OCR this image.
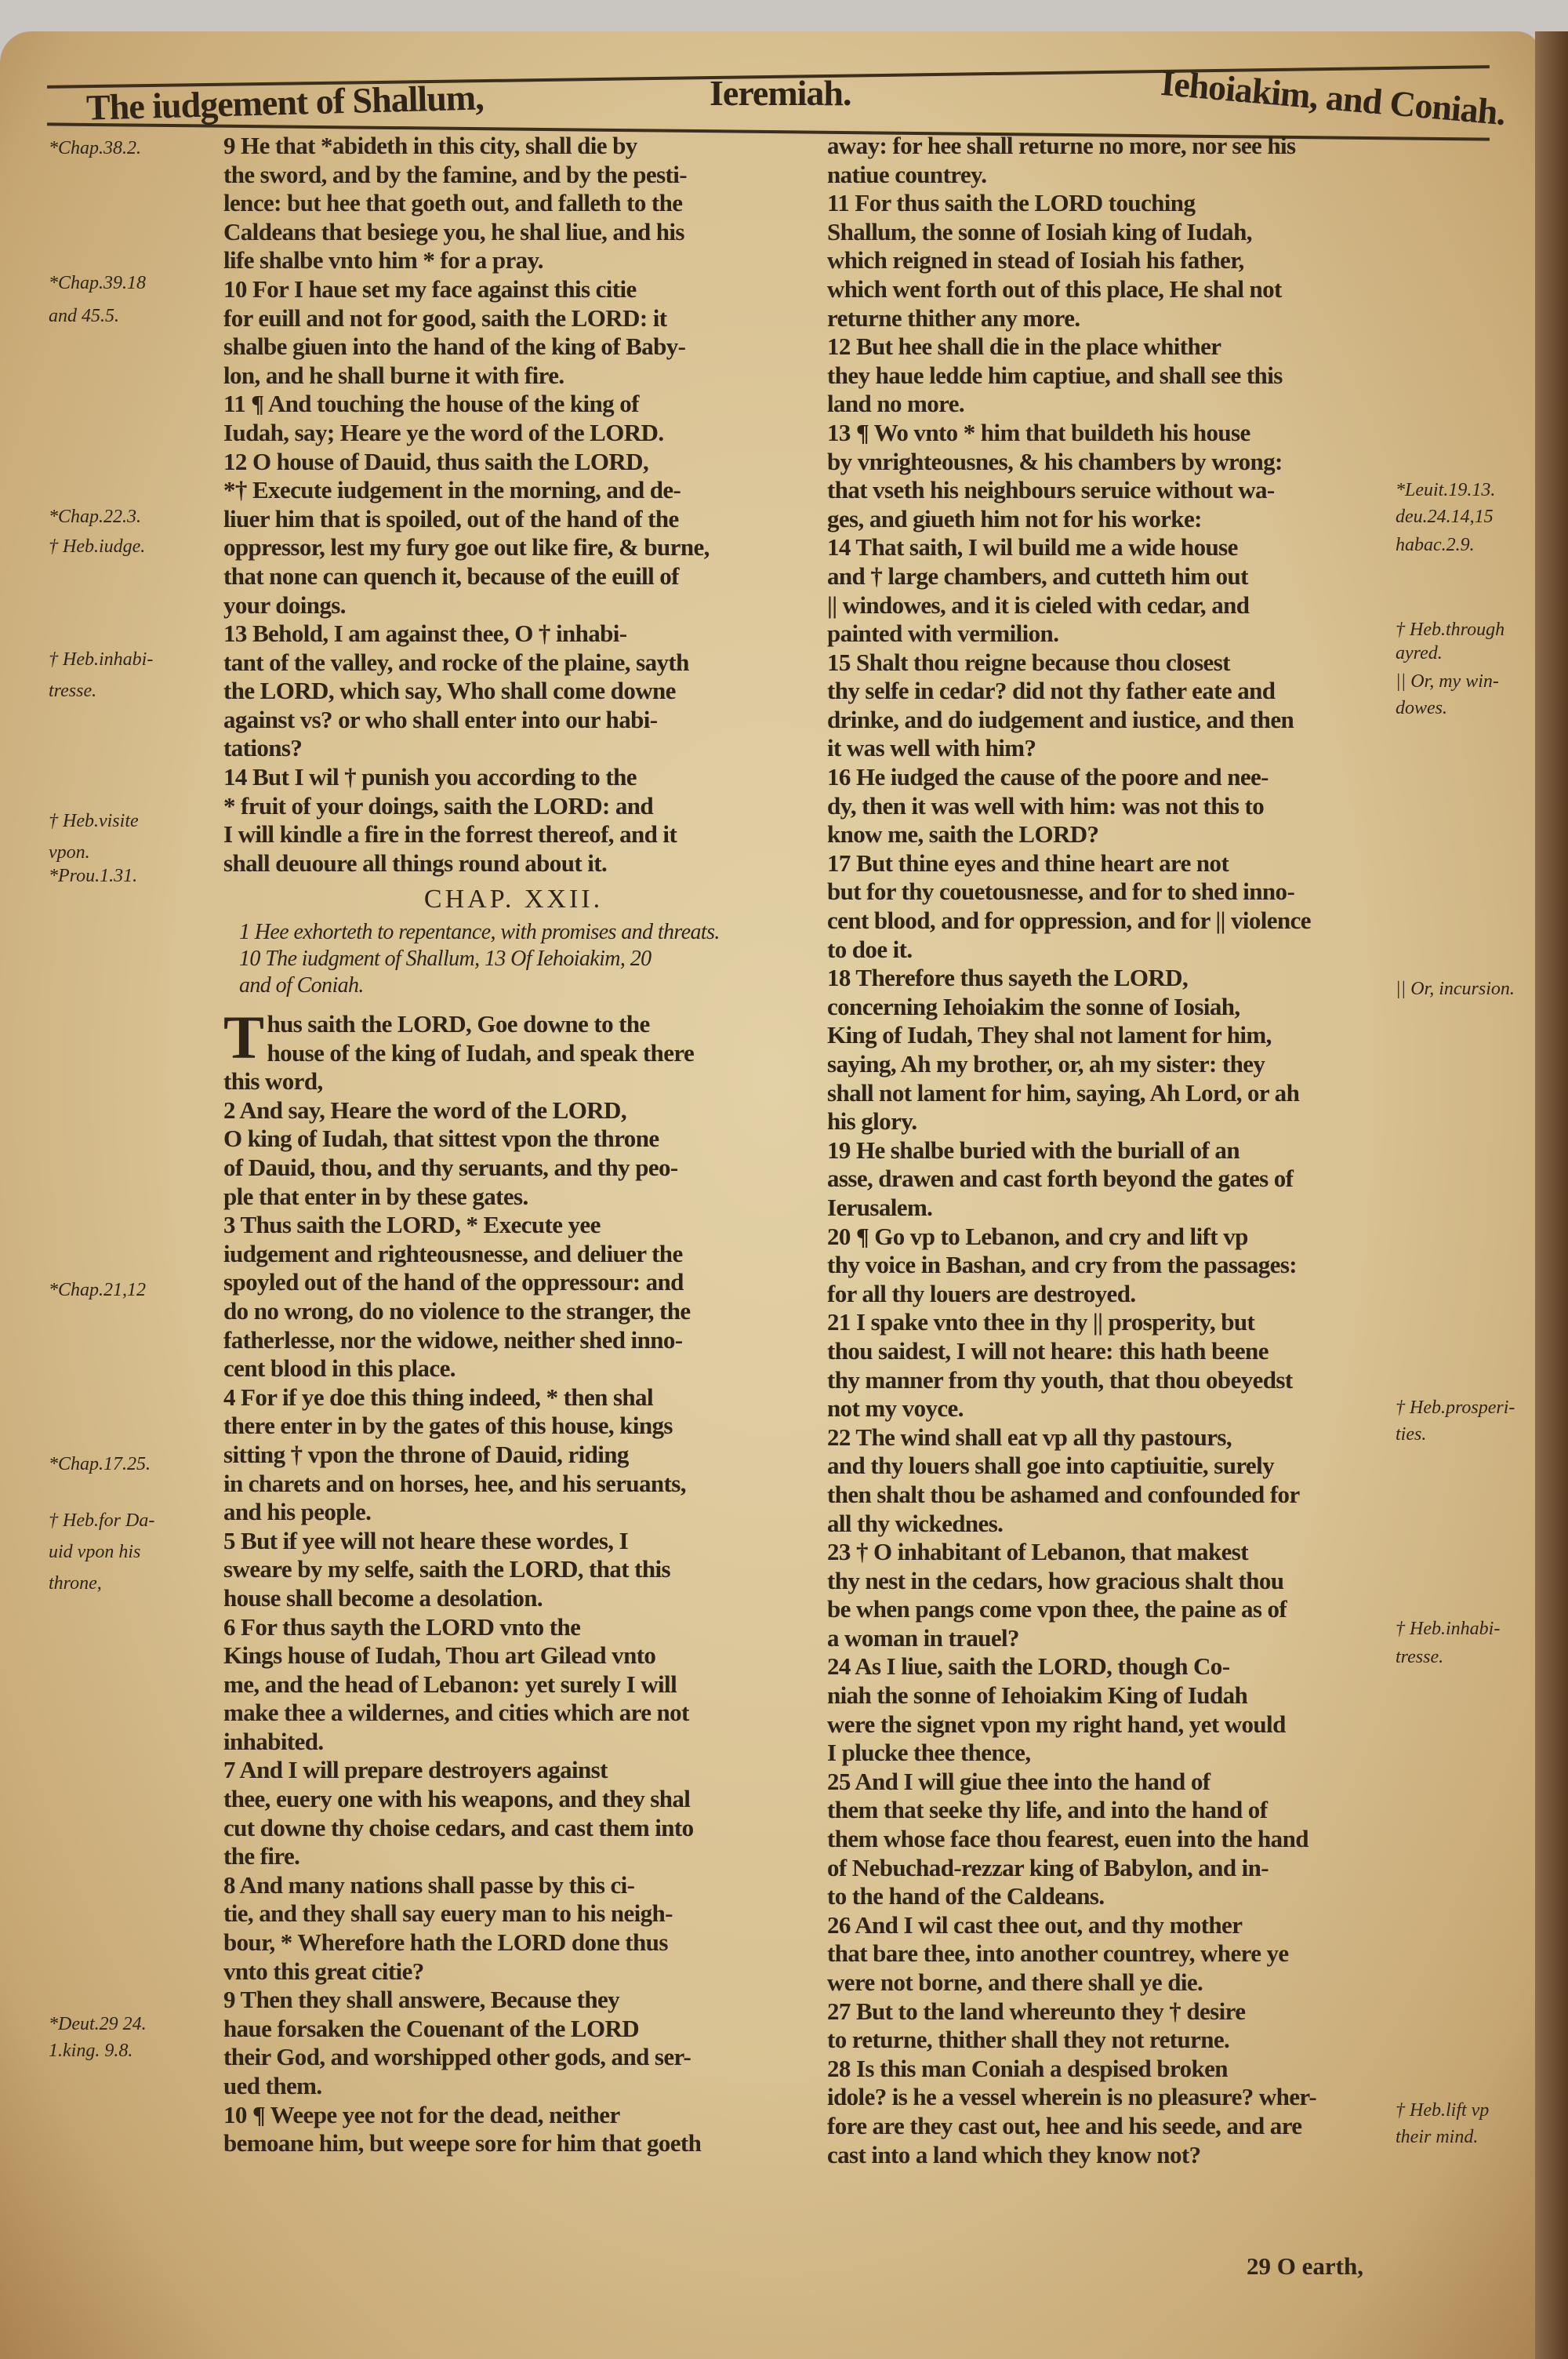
The iudgement of Shallum,	Ieremiah.	Iehoiakim, and Coniah.
9 He that *abideth in this city, shall die by
the sword, and by the famine, and by the pesti-
lence: but hee that goeth out, and falleth to the
Caldeans that besiege you, he shal liue, and his
life shalbe vnto him * for a pray.
10 For I haue set my face against this citie
for euill and not for good, saith the LORD: it
shalbe giuen into the hand of the king of Baby-
lon, and he shall burne it with fire.
11 ¶ And touching the house of the king of
Iudah, say; Heare ye the word of the LORD.
12 O house of Dauid, thus saith the LORD,
*† Execute iudgement in the morning, and de-
liuer him that is spoiled, out of the hand of the
oppressor, lest my fury goe out like fire, & burne,
that none can quench it, because of the euill of
your doings.
13 Behold, I am against thee, O † inhabi-
tant of the valley, and rocke of the plaine, sayth
the LORD, which say, Who shall come downe
against vs? or who shall enter into our habi-
tations?
14 But I wil † punish you according to the
* fruit of your doings, saith the LORD: and
I will kindle a fire in the forrest thereof, and it
shall deuoure all things round about it.
CHAP. XXII.
1 Hee exhorteth to repentance, with promises and threats.
10 The iudgment of Shallum, 13 Of Iehoiakim, 20
and of Coniah.
T hus saith the LORD, Goe downe to the
house of the king of Iudah, and speak there
this word,
2 And say, Heare the word of the LORD,
O king of Iudah, that sittest vpon the throne
of Dauid, thou, and thy seruants, and thy peo-
ple that enter in by these gates.
3 Thus saith the LORD, * Execute yee
iudgement and righteousnesse, and deliuer the
spoyled out of the hand of the oppressour: and
do no wrong, do no violence to the stranger, the
fatherlesse, nor the widowe, neither shed inno-
cent blood in this place.
4 For if ye doe this thing indeed, * then shal
there enter in by the gates of this house, kings
sitting † vpon the throne of Dauid, riding
in charets and on horses, hee, and his seruants,
and his people.
5 But if yee will not heare these wordes, I
sweare by my selfe, saith the LORD, that this
house shall become a desolation.
6 For thus sayth the LORD vnto the
Kings house of Iudah, Thou art Gilead vnto
me, and the head of Lebanon: yet surely I will
make thee a wildernes, and cities which are not
inhabited.
7 And I will prepare destroyers against
thee, euery one with his weapons, and they shal
cut downe thy choise cedars, and cast them into
the fire.
8 And many nations shall passe by this ci-
tie, and they shall say euery man to his neigh-
bour, * Wherefore hath the LORD done thus
vnto this great citie?
9 Then they shall answere, Because they
haue forsaken the Couenant of the LORD
their God, and worshipped other gods, and ser-
ued them.
10 ¶ Weepe yee not for the dead, neither
bemoane him, but weepe sore for him that goeth
away: for hee shall returne no more, nor see his
natiue countrey.
11 For thus saith the LORD touching
Shallum, the sonne of Iosiah king of Iudah,
which reigned in stead of Iosiah his father,
which went forth out of this place, He shal not
returne thither any more.
12 But hee shall die in the place whither
they haue ledde him captiue, and shall see this
land no more.
13 ¶ Wo vnto * him that buildeth his house
by vnrighteousnes, & his chambers by wrong:
that vseth his neighbours seruice without wa-
ges, and giueth him not for his worke:
14 That saith, I wil build me a wide house
and † large chambers, and cutteth him out
|| windowes, and it is cieled with cedar, and
painted with vermilion.
15 Shalt thou reigne because thou closest
thy selfe in cedar? did not thy father eate and
drinke, and do iudgement and iustice, and then
it was well with him?
16 He iudged the cause of the poore and nee-
dy, then it was well with him: was not this to
know me, saith the LORD?
17 But thine eyes and thine heart are not
but for thy couetousnesse, and for to shed inno-
cent blood, and for oppression, and for || violence
to doe it.
18 Therefore thus sayeth the LORD,
concerning Iehoiakim the sonne of Iosiah,
King of Iudah, They shal not lament for him,
saying, Ah my brother, or, ah my sister: they
shall not lament for him, saying, Ah Lord, or ah
his glory.
19 He shalbe buried with the buriall of an
asse, drawen and cast forth beyond the gates of
Ierusalem.
20 ¶ Go vp to Lebanon, and cry and lift vp
thy voice in Bashan, and cry from the passages:
for all thy louers are destroyed.
21 I spake vnto thee in thy || prosperity, but
thou saidest, I will not heare: this hath beene
thy manner from thy youth, that thou obeyedst
not my voyce.
22 The wind shall eat vp all thy pastours,
and thy louers shall goe into captiuitie, surely
then shalt thou be ashamed and confounded for
all thy wickednes.
23 † O inhabitant of Lebanon, that makest
thy nest in the cedars, how gracious shalt thou
be when pangs come vpon thee, the paine as of
a woman in trauel?
24 As I liue, saith the LORD, though Co-
niah the sonne of Iehoiakim King of Iudah
were the signet vpon my right hand, yet would
I plucke thee thence,
25 And I will giue thee into the hand of
them that seeke thy life, and into the hand of
them whose face thou fearest, euen into the hand
of Nebuchad-rezzar king of Babylon, and in-
to the hand of the Caldeans.
26 And I wil cast thee out, and thy mother
that bare thee, into another countrey, where ye
were not borne, and there shall ye die.
27 But to the land whereunto they † desire
to returne, thither shall they not returne.
28 Is this man Coniah a despised broken
idole? is he a vessel wherein is no pleasure? wher-
fore are they cast out, hee and his seede, and are
cast into a land which they know not?
29 O earth,
*Chap.38.2.
*Chap.39.18
and 45.5.
*Chap.22.3.
† Heb.iudge.
† Heb.inhabi-
tresse.
† Heb.visite
vpon.
*Prou.1.31.
*Chap.21,12
*Chap.17.25.
† Heb.for Da-
uid vpon his
throne,
*Deut.29 24.
1.king. 9.8.
*Leuit.19.13.
deu.24.14,15
habac.2.9.
† Heb.through
ayred.
|| Or, my win-
dowes.
|| Or, incursion.
† Heb.prosperi-
ties.
† Heb.inhabi-
tresse.
† Heb.lift vp
their mind.
